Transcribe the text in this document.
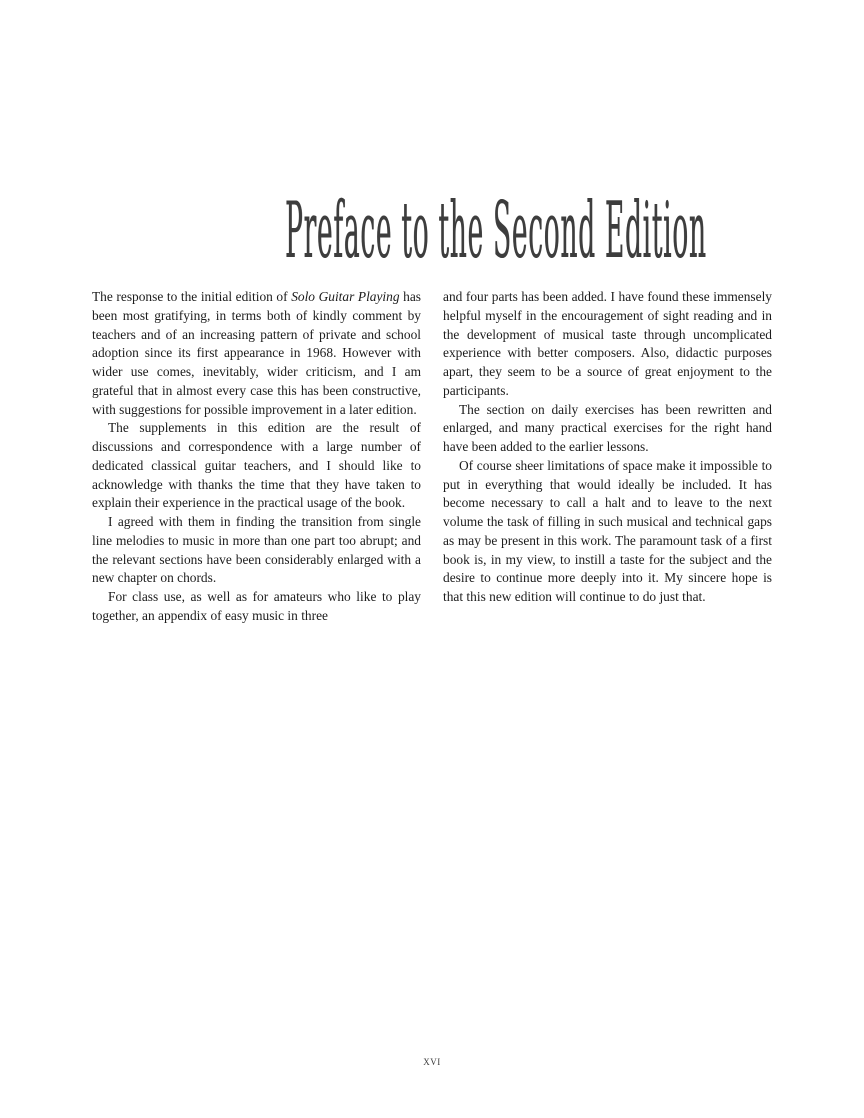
Preface to the Second Edition

The response to the initial edition of Solo Guitar Playing has been most gratifying, in terms both of kindly comment by teachers and of an increasing pattern of private and school adoption since its first appearance in 1968. However with wider use comes, inevitably, wider criticism, and I am grateful that in almost every case this has been constructive, with suggestions for possible improvement in a later edition.

The supplements in this edition are the result of discussions and correspondence with a large number of dedicated classical guitar teachers, and I should like to acknowledge with thanks the time that they have taken to explain their experience in the practical usage of the book.

I agreed with them in finding the transition from single line melodies to music in more than one part too abrupt; and the relevant sections have been considerably enlarged with a new chapter on chords.

For class use, as well as for amateurs who like to play together, an appendix of easy music in three

and four parts has been added. I have found these immensely helpful myself in the encouragement of sight reading and in the development of musical taste through uncomplicated experience with better composers. Also, didactic purposes apart, they seem to be a source of great enjoyment to the participants.

The section on daily exercises has been rewritten and enlarged, and many practical exercises for the right hand have been added to the earlier lessons.

Of course sheer limitations of space make it impossible to put in everything that would ideally be included. It has become necessary to call a halt and to leave to the next volume the task of filling in such musical and technical gaps as may be present in this work. The paramount task of a first book is, in my view, to instill a taste for the subject and the desire to continue more deeply into it. My sincere hope is that this new edition will continue to do just that.

xvi
